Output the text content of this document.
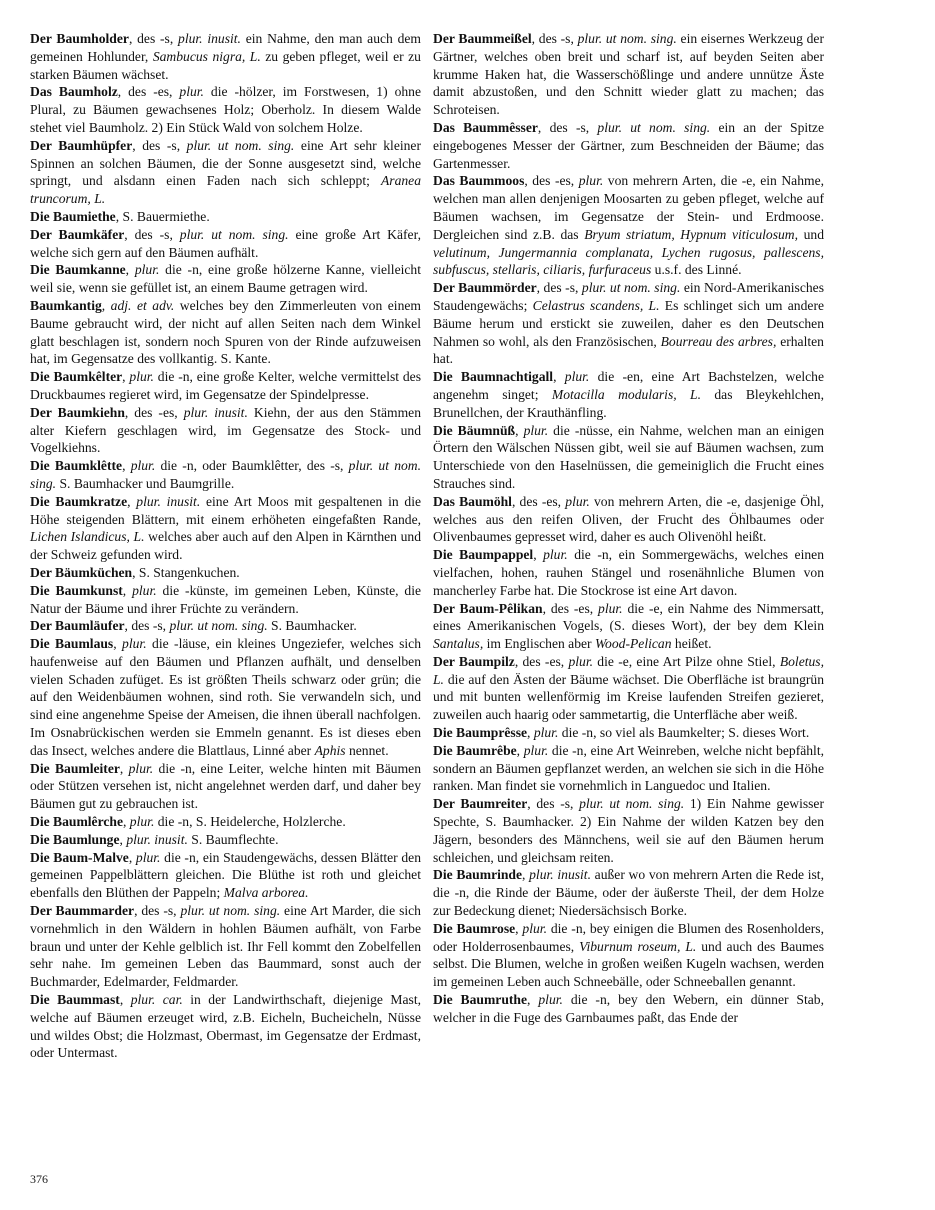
Der Baumholder, des -s, plur. inusit. ein Nahme, den man auch dem gemeinen Hohlunder, Sambucus nigra, L. zu geben pfleget, weil er zu starken Bäumen wächset.

Das Baumholz, des -es, plur. die -hölzer, im Forstwesen, 1) ohne Plural, zu Bäumen gewachsenes Holz; Oberholz. In diesem Walde stehet viel Baumholz. 2) Ein Stück Wald von solchem Holze.

Der Baumhüpfer, des -s, plur. ut nom. sing. eine Art sehr kleiner Spinnen an solchen Bäumen, die der Sonne ausgesetzt sind, welche springt, und alsdann einen Faden nach sich schleppt; Aranea truncorum, L.

Die Baumiethe, S. Bauermiethe.

Der Baumkäfer, des -s, plur. ut nom. sing. eine große Art Käfer, welche sich gern auf den Bäumen aufhält.

Die Baumkanne, plur. die -n, eine große hölzerne Kanne, vielleicht weil sie, wenn sie gefüllet ist, an einem Baume getragen wird.

Baumkantig, adj. et adv. welches bey den Zimmerleuten von einem Baume gebraucht wird, der nicht auf allen Seiten nach dem Winkel glatt beschlagen ist, sondern noch Spuren von der Rinde aufzuweisen hat, im Gegensatze des vollkantig. S. Kante.

Die Baumkêlter, plur. die -n, eine große Kelter, welche vermittelst des Druckbaumes regieret wird, im Gegensatze der Spindelpresse.

Der Baumkiehn, des -es, plur. inusit. Kiehn, der aus den Stämmen alter Kiefern geschlagen wird, im Gegensatze des Stock- und Vogelkiehns.

Die Baumklêtte, plur. die -n, oder Baumklêtter, des -s, plur. ut nom. sing. S. Baumhacker und Baumgrille.

Die Baumkratze, plur. inusit. eine Art Moos mit gespaltenen in die Höhe steigenden Blättern, mit einem erhöheten eingefaßten Rande, Lichen Islandicus, L. welches aber auch auf den Alpen in Kärnthen und der Schweiz gefunden wird.

Der Bäumküchen, S. Stangenkuchen.

Die Baumkunst, plur. die -künste, im gemeinen Leben, Künste, die Natur der Bäume und ihrer Früchte zu verändern.

Der Baumläufer, des -s, plur. ut nom. sing. S. Baumhacker.

Die Baumlaus, plur. die -läuse, ein kleines Ungeziefer, welches sich haufenweise auf den Bäumen und Pflanzen aufhält, und denselben vielen Schaden zufüget. Es ist größten Theils schwarz oder grün; die auf den Weidenbäumen wohnen, sind roth. Sie verwandeln sich, und sind eine angenehme Speise der Ameisen, die ihnen überall nachfolgen. Im Osnabrückischen werden sie Emmeln genannt. Es ist dieses eben das Insect, welches andere die Blattlaus, Linné aber Aphis nennet.

Die Baumleiter, plur. die -n, eine Leiter, welche hinten mit Bäumen oder Stützen versehen ist, nicht angelehnet werden darf, und daher bey Bäumen gut zu gebrauchen ist.

Die Baumlêrche, plur. die -n, S. Heidelerche, Holzlerche.

Die Baumlunge, plur. inusit. S. Baumflechte.

Die Baum-Malve, plur. die -n, ein Staudengewächs, dessen Blätter den gemeinen Pappelblättern gleichen. Die Blüthe ist roth und gleichet ebenfalls den Blüthen der Pappeln; Malva arborea.

Der Baummarder, des -s, plur. ut nom. sing. eine Art Marder, die sich vornehmlich in den Wäldern in hohlen Bäumen aufhält, von Farbe braun und unter der Kehle gelblich ist. Ihr Fell kommt den Zobelfellen sehr nahe. Im gemeinen Leben das Baummard, sonst auch der Buchmarder, Edelmarder, Feldmarder.

Die Baummast, plur. car. in der Landwirthschaft, diejenige Mast, welche auf Bäumen erzeuget wird, z.B. Eicheln, Bucheicheln, Nüsse und wildes Obst; die Holzmast, Obermast, im Gegensatze der Erdmast, oder Untermast.

Der Baummeißel, des -s, plur. ut nom. sing. ein eisernes Werkzeug der Gärtner, welches oben breit und scharf ist, auf beyden Seiten aber krumme Haken hat, die Wasserschößlinge und andere unnütze Äste damit abzustoßen, und den Schnitt wieder glatt zu machen; das Schroteisen.

Das Baummêsser, des -s, plur. ut nom. sing. ein an der Spitze eingebogenes Messer der Gärtner, zum Beschneiden der Bäume; das Gartenmesser.

Das Baummoos, des -es, plur. von mehrern Arten, die -e, ein Nahme, welchen man allen denjenigen Moosarten zu geben pfleget, welche auf Bäumen wachsen, im Gegensatze der Stein- und Erdmoose. Dergleichen sind z.B. das Bryum striatum, Hypnum viticulosum, und velutinum, Jungermannia complanata, Lychen rugosus, pallescens, subfuscus, stellaris, ciliaris, furfuraceus u.s.f. des Linné.

Der Baummörder, des -s, plur. ut nom. sing. ein Nord-Amerikanisches Staudengewächs; Celastrus scandens, L. Es schlinget sich um andere Bäume herum und erstickt sie zuweilen, daher es den Deutschen Nahmen so wohl, als den Französischen, Bourreau des arbres, erhalten hat.

Die Baumnachtigall, plur. die -en, eine Art Bachstelzen, welche angenehm singet; Motacilla modularis, L. das Bleykehlchen, Brunellchen, der Krauthänfling.

Die Bäumnüß, plur. die -nüsse, ein Nahme, welchen man an einigen Örtern den Wälschen Nüssen gibt, weil sie auf Bäumen wachsen, zum Unterschiede von den Haselnüssen, die gemeiniglich die Frucht eines Strauches sind.

Das Baumöhl, des -es, plur. von mehrern Arten, die -e, dasjenige Öhl, welches aus den reifen Oliven, der Frucht des Öhlbaumes oder Olivenbaumes gepresset wird, daher es auch Olivenöhl heißt.

Die Baumpappel, plur. die -n, ein Sommergewächs, welches einen vielfachen, hohen, rauhen Stängel und rosenähnliche Blumen von mancherley Farbe hat. Die Stockrose ist eine Art davon.

Der Baum-Pêlikan, des -es, plur. die -e, ein Nahme des Nimmersatt, eines Amerikanischen Vogels, (S. dieses Wort), der bey dem Klein Santalus, im Englischen aber Wood-Pelican heißet.

Der Baumpilz, des -es, plur. die -e, eine Art Pilze ohne Stiel, Boletus, L. die auf den Ästen der Bäume wächset. Die Oberfläche ist braungrün und mit bunten wellenförmig im Kreise laufenden Streifen gezieret, zuweilen auch haarig oder sammetartig, die Unterfläche aber weiß.

Die Baumprêsse, plur. die -n, so viel als Baumkelter; S. dieses Wort.

Die Baumrêbe, plur. die -n, eine Art Weinreben, welche nicht bepfählt, sondern an Bäumen gepflanzet werden, an welchen sie sich in die Höhe ranken. Man findet sie vornehmlich in Languedoc und Italien.

Der Baumreiter, des -s, plur. ut nom. sing. 1) Ein Nahme gewisser Spechte, S. Baumhacker. 2) Ein Nahme der wilden Katzen bey den Jägern, besonders des Männchens, weil sie auf den Bäumen herum schleichen, und gleichsam reiten.

Die Baumrinde, plur. inusit. außer wo von mehrern Arten die Rede ist, die -n, die Rinde der Bäume, oder der äußerste Theil, der dem Holze zur Bedeckung dienet; Niedersächsisch Borke.

Die Baumrose, plur. die -n, bey einigen die Blumen des Rosenholders, oder Holderrosenbaumes, Viburnum roseum, L. und auch des Baumes selbst. Die Blumen, welche in großen weißen Kugeln wachsen, werden im gemeinen Leben auch Schneebälle, oder Schneeballen genannt.

Die Baumruthe, plur. die -n, bey den Webern, ein dünner Stab, welcher in die Fuge des Garnbaumes paßt, das Ende der

376
